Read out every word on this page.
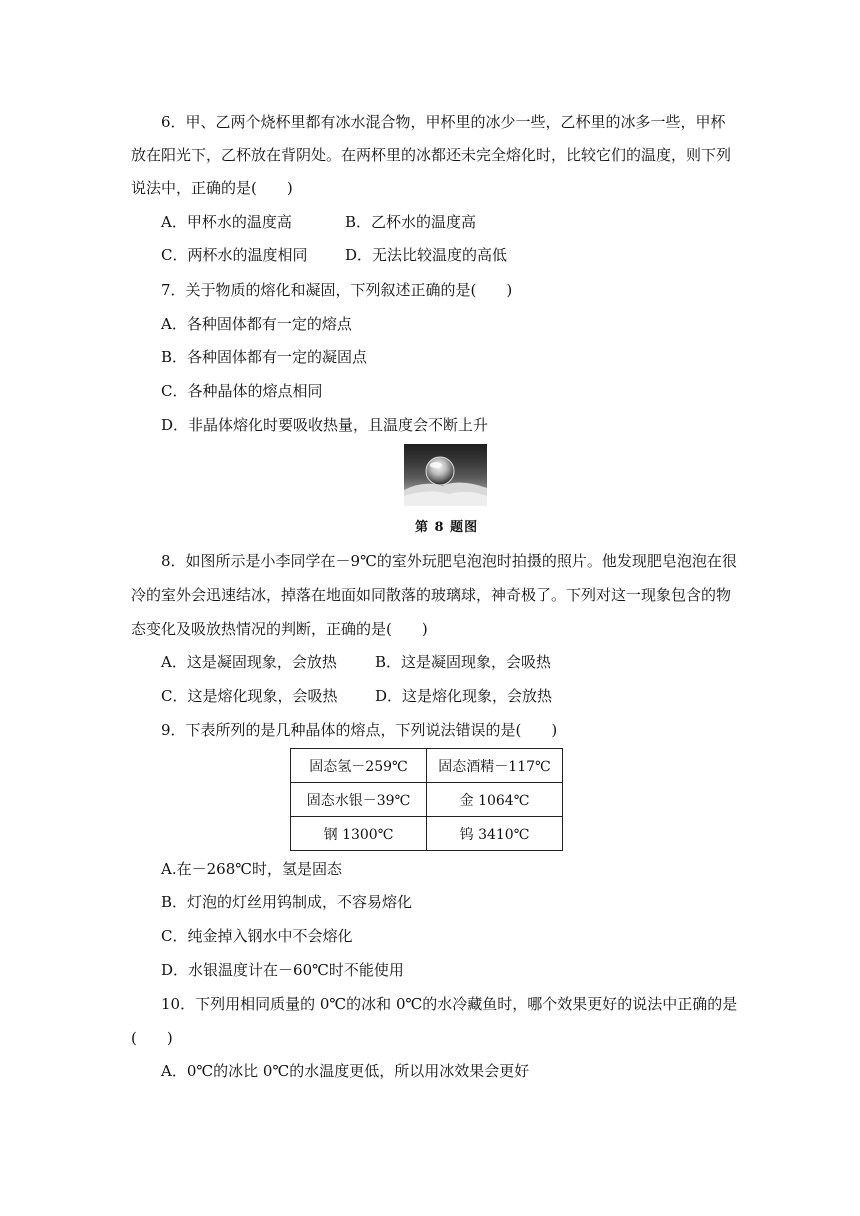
6．甲、乙两个烧杯里都有冰水混合物，甲杯里的冰少一些，乙杯里的冰多一些，甲杯
放在阳光下，乙杯放在背阴处。在两杯里的冰都还未完全熔化时，比较它们的温度，则下列
说法中，正确的是(　　)
A．甲杯水的温度高	B．乙杯水的温度高
C．两杯水的温度相同	D．无法比较温度的高低
7．关于物质的熔化和凝固，下列叙述正确的是(　　)
A．各种固体都有一定的熔点
B．各种固体都有一定的凝固点
C．各种晶体的熔点相同
D．非晶体熔化时要吸收热量，且温度会不断上升
第 8 题图
8．如图所示是小李同学在－9℃的室外玩肥皂泡泡时拍摄的照片。他发现肥皂泡泡在很
冷的室外会迅速结冰，掉落在地面如同散落的玻璃球，神奇极了。下列对这一现象包含的物
态变化及吸放热情况的判断，正确的是(　　)
A．这是凝固现象，会放热	B．这是凝固现象，会吸热
C．这是熔化现象，会吸热	D．这是熔化现象，会放热
9．下表所列的是几种晶体的熔点，下列说法错误的是(　　)
固态氢－259℃	固态酒精－117℃
固态水银－39℃	金 1064℃
钢 1300℃	钨 3410℃
A.在－268℃时，氢是固态
B．灯泡的灯丝用钨制成，不容易熔化
C．纯金掉入钢水中不会熔化
D．水银温度计在－60℃时不能使用
10．下列用相同质量的 0℃的冰和 0℃的水冷藏鱼时，哪个效果更好的说法中正确的是
(　　)
A．0℃的冰比 0℃的水温度更低，所以用冰效果会更好
